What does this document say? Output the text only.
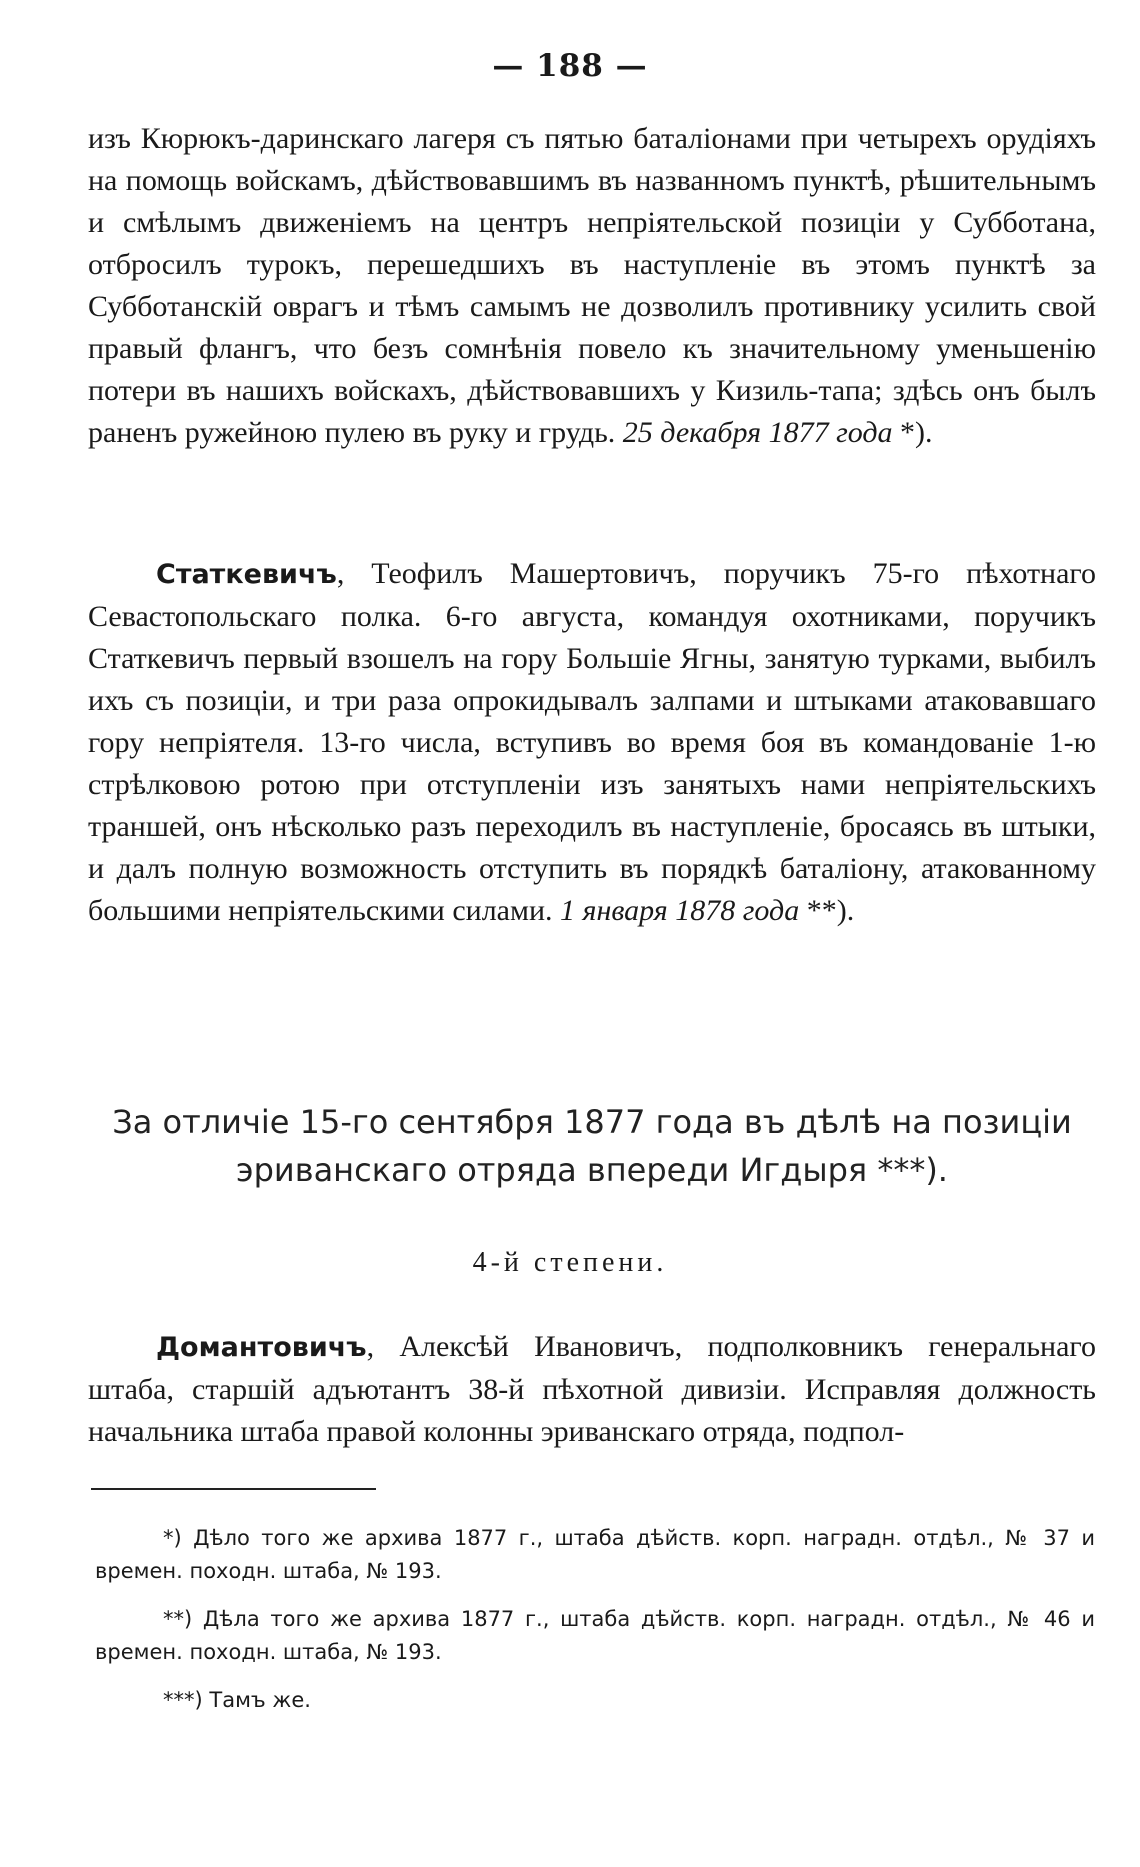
— 188 —
изъ Кюрюкъ-даринскаго лагеря съ пятью баталіонами при четырехъ орудіяхъ на помощь войскамъ, дѣйствовавшимъ въ названномъ пунктѣ, рѣшительнымъ и смѣлымъ движеніемъ на центръ непріятельской позиціи у Субботана, отбросилъ турокъ, перешедшихъ въ наступленіе въ этомъ пунктѣ за Субботанскій оврагъ и тѣмъ самымъ не дозволилъ противнику усилить свой правый флангъ, что безъ сомнѣнія повело къ значительному уменьшенію потери въ нашихъ войскахъ, дѣйствовавшихъ у Кизиль-тапа; здѣсь онъ былъ раненъ ружейною пулею въ руку и грудь. 25 декабря 1877 года *).
Статкевичъ, Теофилъ Машертовичъ, поручикъ 75-го пѣхотнаго Севастопольскаго полка. 6-го августа, командуя охотниками, поручикъ Статкевичъ первый взошелъ на гору Большіе Ягны, занятую турками, выбилъ ихъ съ позиціи, и три раза опрокидывалъ залпами и штыками атаковавшаго гору непріятеля. 13-го числа, вступивъ во время боя въ командованіе 1-ю стрѣлковою ротою при отступленіи изъ занятыхъ нами непріятельскихъ траншей, онъ нѣсколько разъ переходилъ въ наступленіе, бросаясь въ штыки, и далъ полную возможность отступить въ порядкѣ баталіону, атакованному большими непріятельскими силами. 1 января 1878 года **).
За отличіе 15-го сентября 1877 года въ дѣлѣ на позиціи
эриванскаго отряда впереди Игдыря ***).
4-й степени.
Домантовичъ, Алексѣй Ивановичъ, подполковникъ генеральнаго штаба, старшій адъютантъ 38-й пѣхотной дивизіи. Исправляя должность начальника штаба правой колонны эриванскаго отряда, подпол-
*) Дѣло того же архива 1877 г., штаба дѣйств. корп. наградн. отдѣл., № 37 и времен. походн. штаба, № 193.
**) Дѣла того же архива 1877 г., штаба дѣйств. корп. наградн. отдѣл., № 46 и времен. походн. штаба, № 193.
***) Тамъ же.
